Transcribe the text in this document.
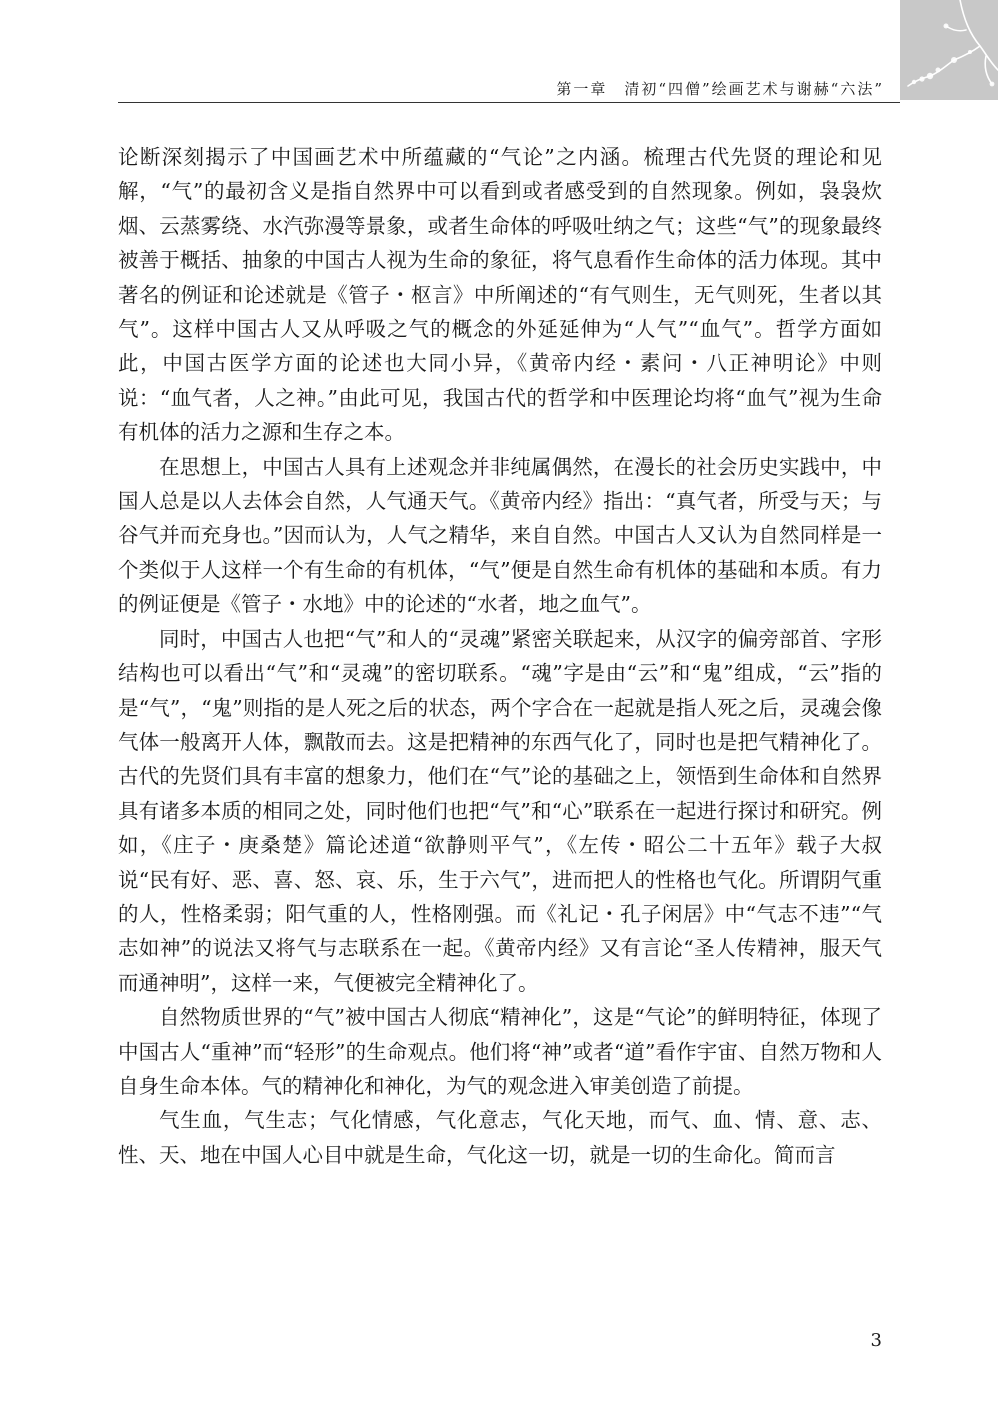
第一章　清初“四僧”绘画艺术与谢赫“六法”

论断深刻揭示了中国画艺术中所蕴藏的“气论”之内涵。梳理古代先贤的理论和见解，“气”的最初含义是指自然界中可以看到或者感受到的自然现象。例如，袅袅炊烟、云蒸雾绕、水汽弥漫等景象，或者生命体的呼吸吐纳之气；这些“气”的现象最终被善于概括、抽象的中国古人视为生命的象征，将气息看作生命体的活力体现。其中著名的例证和论述就是《管子・枢言》中所阐述的“有气则生，无气则死，生者以其气”。这样中国古人又从呼吸之气的概念的外延延伸为“人气”“血气”。哲学方面如此，中国古医学方面的论述也大同小异，《黄帝内经・素问・八正神明论》中则说：“血气者，人之神。”由此可见，我国古代的哲学和中医理论均将“血气”视为生命有机体的活力之源和生存之本。

在思想上，中国古人具有上述观念并非纯属偶然，在漫长的社会历史实践中，中国人总是以人去体会自然，人气通天气。《黄帝内经》指出：“真气者，所受与天；与谷气并而充身也。”因而认为，人气之精华，来自自然。中国古人又认为自然同样是一个类似于人这样一个有生命的有机体，“气”便是自然生命有机体的基础和本质。有力的例证便是《管子・水地》中的论述的“水者，地之血气”。

同时，中国古人也把“气”和人的“灵魂”紧密关联起来，从汉字的偏旁部首、字形结构也可以看出“气”和“灵魂”的密切联系。“魂”字是由“云”和“鬼”组成，“云”指的是“气”，“鬼”则指的是人死之后的状态，两个字合在一起就是指人死之后，灵魂会像气体一般离开人体，飘散而去。这是把精神的东西气化了，同时也是把气精神化了。古代的先贤们具有丰富的想象力，他们在“气”论的基础之上，领悟到生命体和自然界具有诸多本质的相同之处，同时他们也把“气”和“心”联系在一起进行探讨和研究。例如，《庄子・庚桑楚》篇论述道“欲静则平气”，《左传・昭公二十五年》载子大叔说“民有好、恶、喜、怒、哀、乐，生于六气”，进而把人的性格也气化。所谓阴气重的人，性格柔弱；阳气重的人，性格刚强。而《礼记・孔子闲居》中“气志不违”“气志如神”的说法又将气与志联系在一起。《黄帝内经》又有言论“圣人传精神，服天气而通神明”，这样一来，气便被完全精神化了。

自然物质世界的“气”被中国古人彻底“精神化”，这是“气论”的鲜明特征，体现了中国古人“重神”而“轻形”的生命观点。他们将“神”或者“道”看作宇宙、自然万物和人自身生命本体。气的精神化和神化，为气的观念进入审美创造了前提。

气生血，气生志；气化情感，气化意志，气化天地，而气、血、情、意、志、性、天、地在中国人心目中就是生命，气化这一切，就是一切的生命化。简而言

3
